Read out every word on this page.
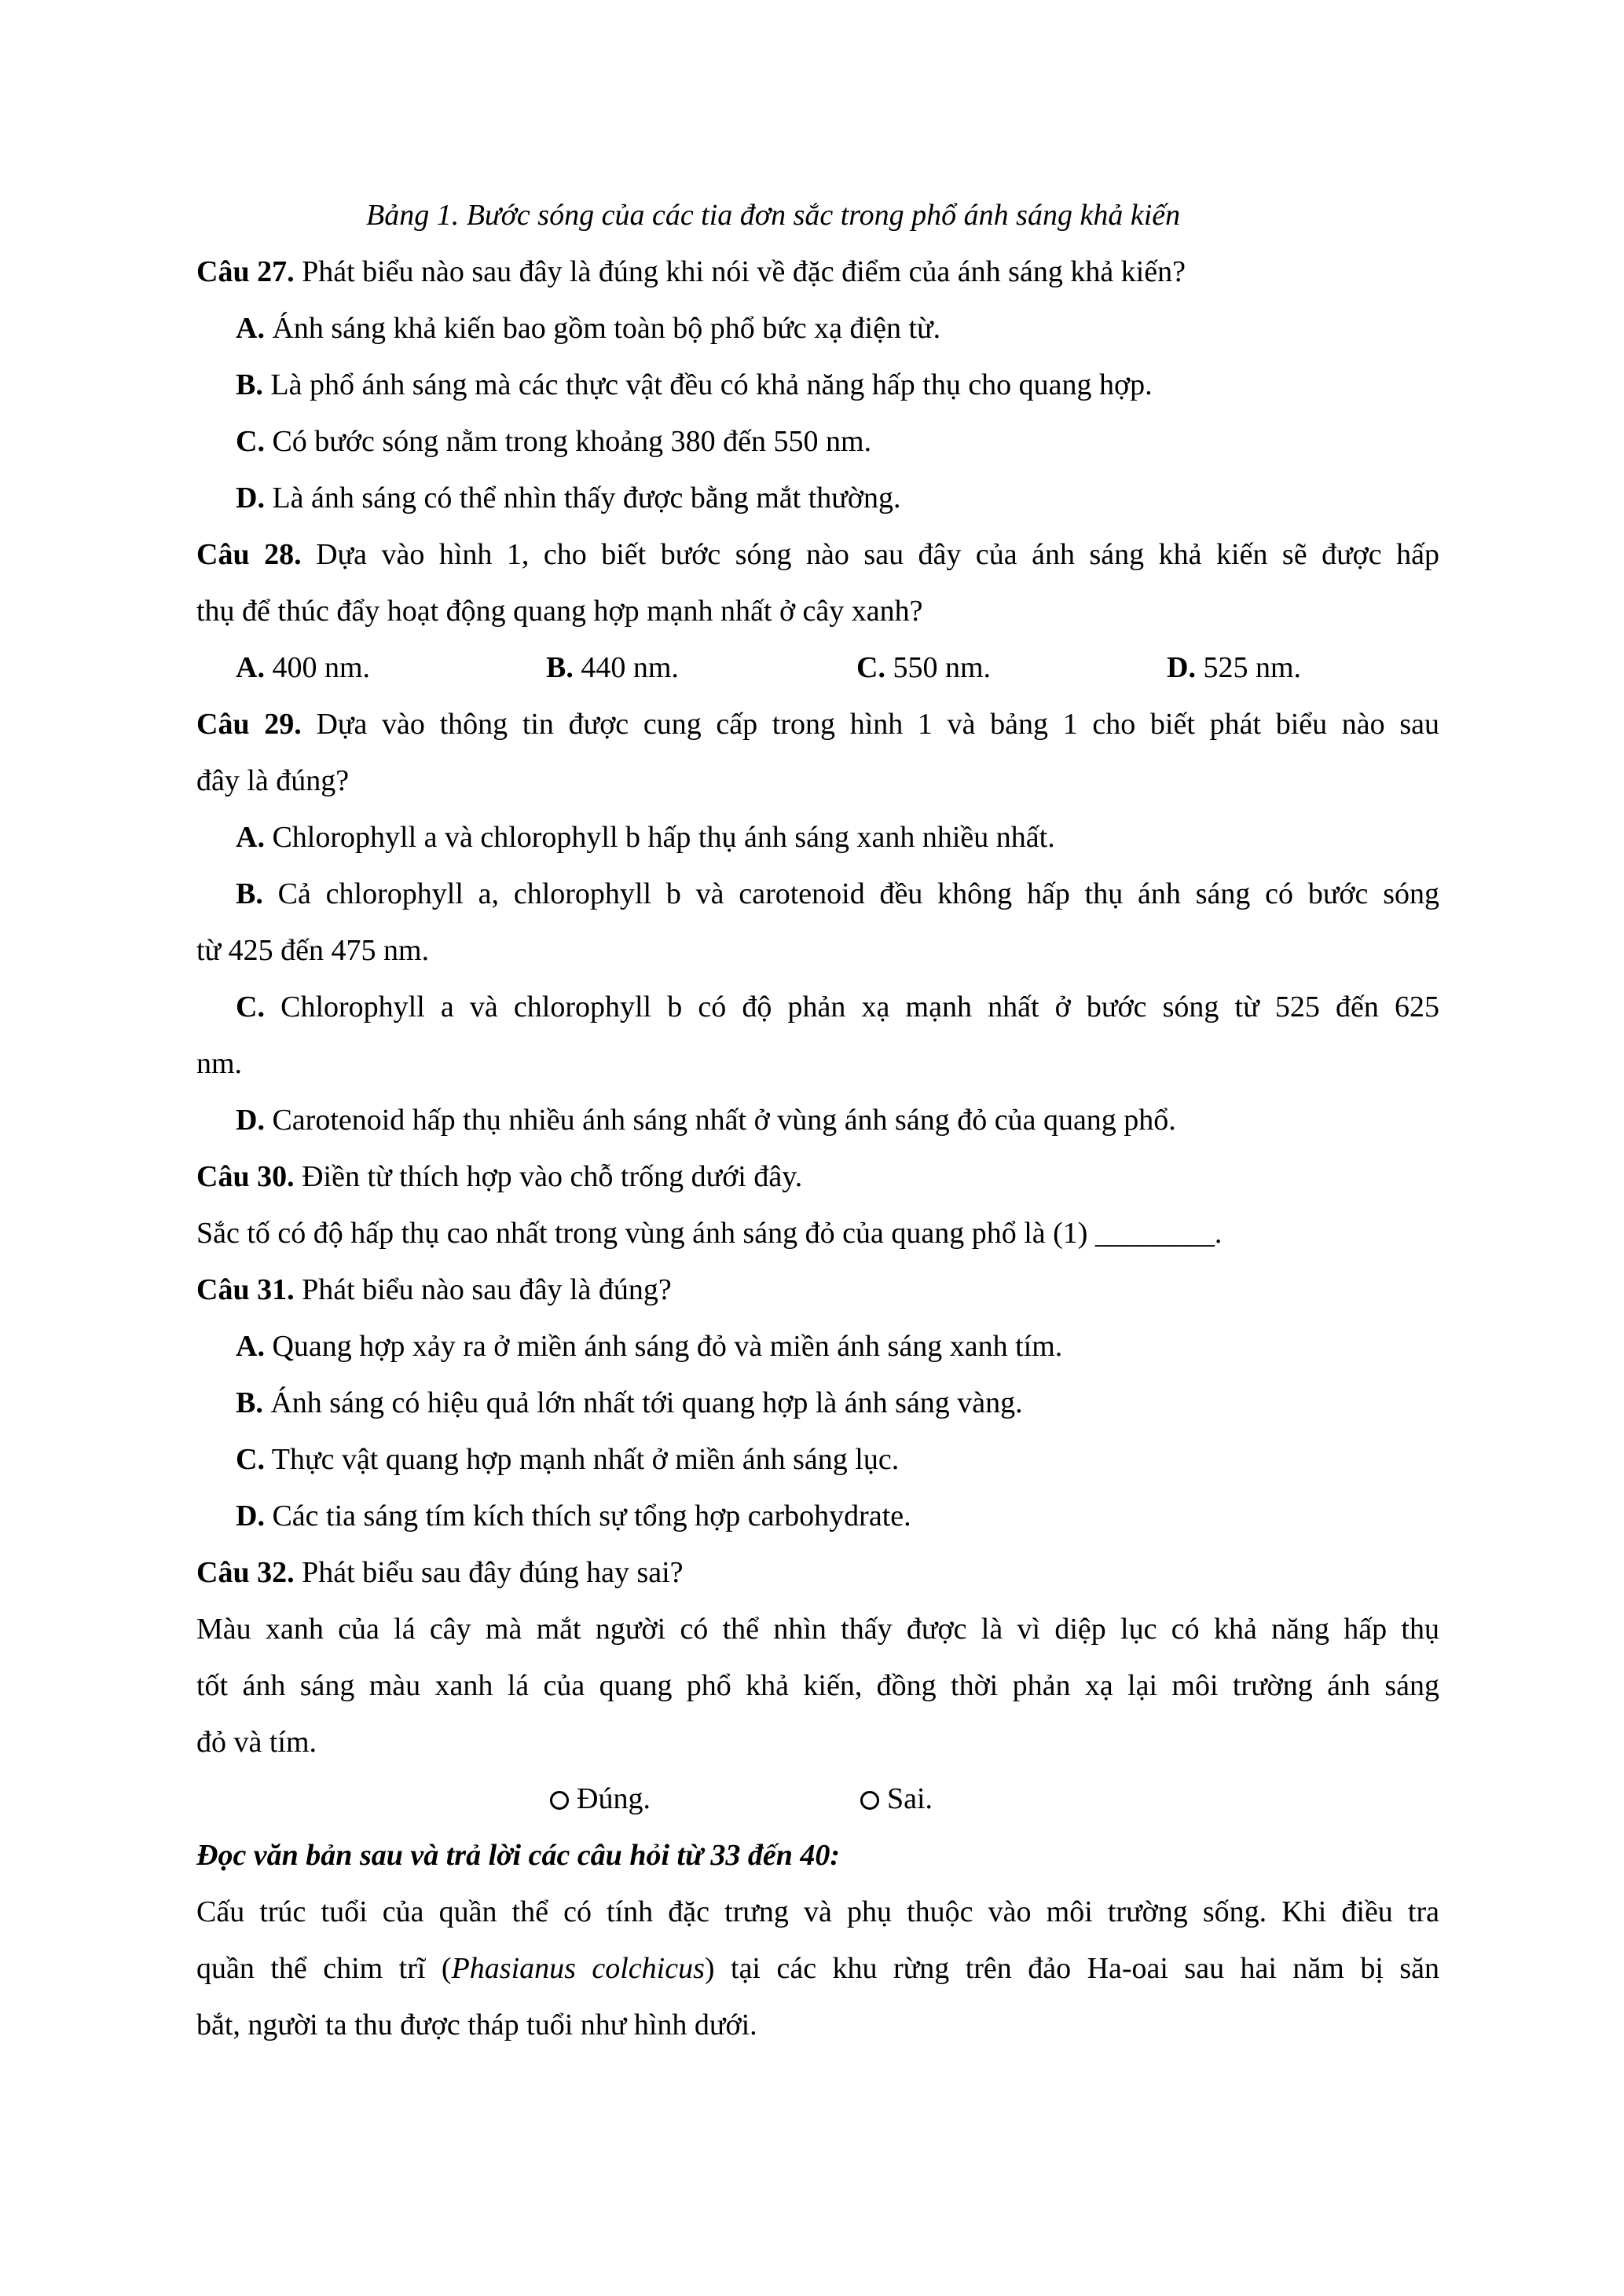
Bảng 1. Bước sóng của các tia đơn sắc trong phổ ánh sáng khả kiến
Câu 27. Phát biểu nào sau đây là đúng khi nói về đặc điểm của ánh sáng khả kiến?
A. Ánh sáng khả kiến bao gồm toàn bộ phổ bức xạ điện từ.
B. Là phổ ánh sáng mà các thực vật đều có khả năng hấp thụ cho quang hợp.
C. Có bước sóng nằm trong khoảng 380 đến 550 nm.
D. Là ánh sáng có thể nhìn thấy được bằng mắt thường.
Câu 28. Dựa vào hình 1, cho biết bước sóng nào sau đây của ánh sáng khả kiến sẽ được hấp
thụ để thúc đẩy hoạt động quang hợp mạnh nhất ở cây xanh?
A. 400 nm.	B. 440 nm.	C. 550 nm.	D. 525 nm.
Câu 29. Dựa vào thông tin được cung cấp trong hình 1 và bảng 1 cho biết phát biểu nào sau
đây là đúng?
A. Chlorophyll a và chlorophyll b hấp thụ ánh sáng xanh nhiều nhất.
B. Cả chlorophyll a, chlorophyll b và carotenoid đều không hấp thụ ánh sáng có bước sóng
từ 425 đến 475 nm.
C. Chlorophyll a và chlorophyll b có độ phản xạ mạnh nhất ở bước sóng từ 525 đến 625
nm.
D. Carotenoid hấp thụ nhiều ánh sáng nhất ở vùng ánh sáng đỏ của quang phổ.
Câu 30. Điền từ thích hợp vào chỗ trống dưới đây.
Sắc tố có độ hấp thụ cao nhất trong vùng ánh sáng đỏ của quang phổ là (1) ________.
Câu 31. Phát biểu nào sau đây là đúng?
A. Quang hợp xảy ra ở miền ánh sáng đỏ và miền ánh sáng xanh tím.
B. Ánh sáng có hiệu quả lớn nhất tới quang hợp là ánh sáng vàng.
C. Thực vật quang hợp mạnh nhất ở miền ánh sáng lục.
D. Các tia sáng tím kích thích sự tổng hợp carbohydrate.
Câu 32. Phát biểu sau đây đúng hay sai?
Màu xanh của lá cây mà mắt người có thể nhìn thấy được là vì diệp lục có khả năng hấp thụ
tốt ánh sáng màu xanh lá của quang phổ khả kiến, đồng thời phản xạ lại môi trường ánh sáng
đỏ và tím.
Đúng.	Sai.
Đọc văn bản sau và trả lời các câu hỏi từ 33 đến 40:
Cấu trúc tuổi của quần thể có tính đặc trưng và phụ thuộc vào môi trường sống. Khi điều tra
quần thể chim trĩ (Phasianus colchicus) tại các khu rừng trên đảo Ha-oai sau hai năm bị săn
bắt, người ta thu được tháp tuổi như hình dưới.
